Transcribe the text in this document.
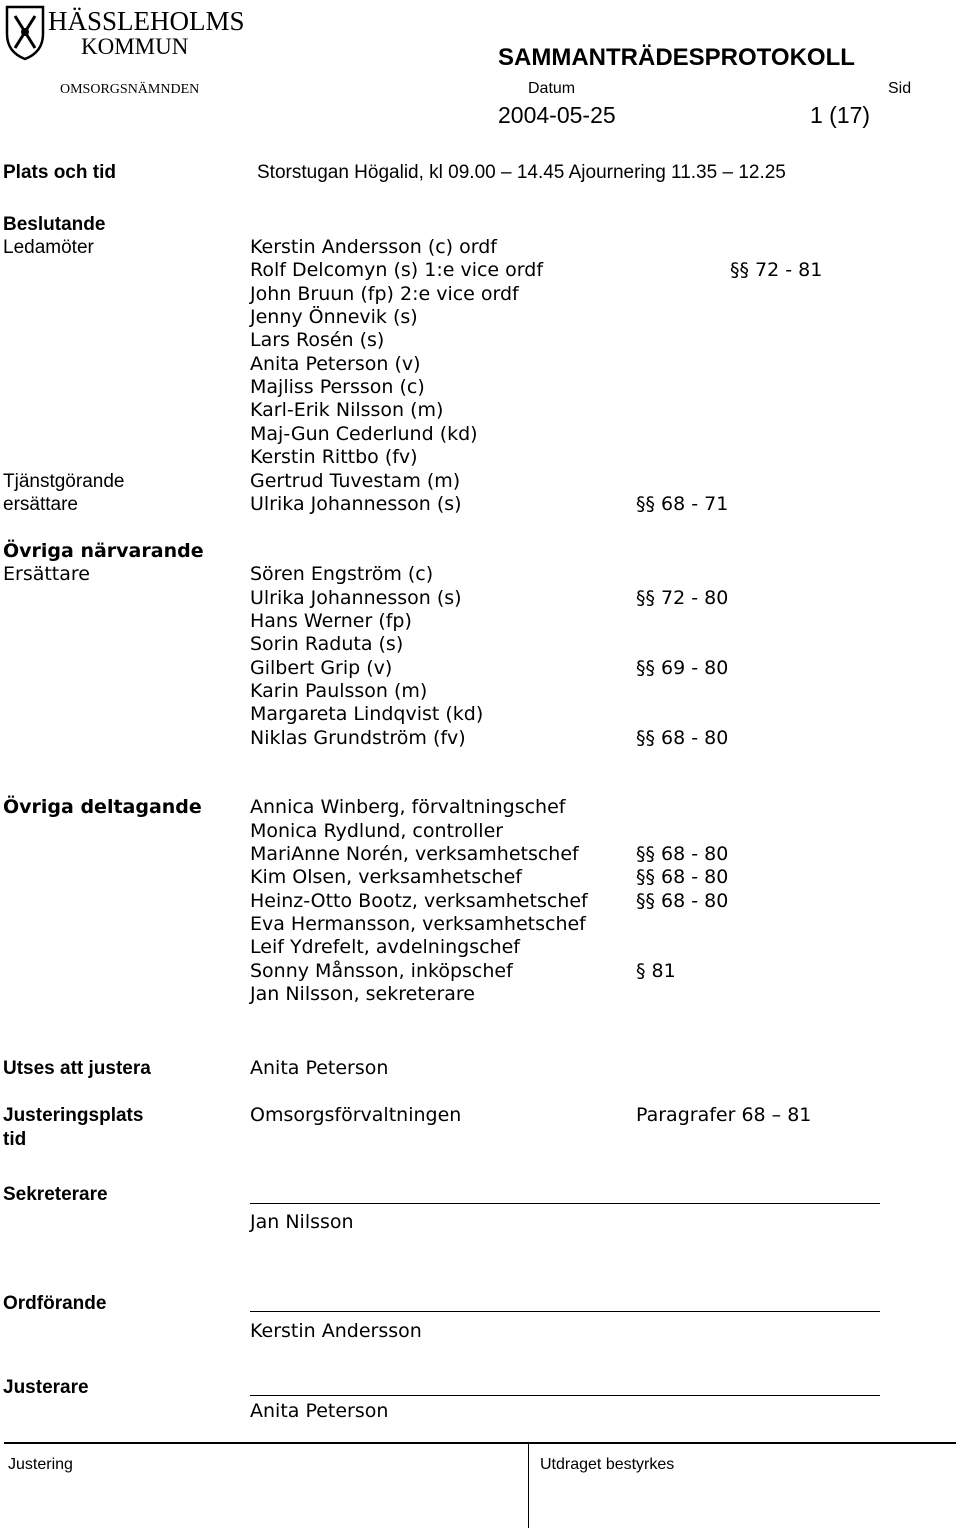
HÄSSLEHOLMS
KOMMUN
OMSORGSNÄMNDEN
SAMMANTRÄDESPROTOKOLL
Datum	Sid
2004-05-25	1 (17)
Plats och tid	Storstugan Högalid, kl 09.00 – 14.45 Ajournering 11.35 – 12.25
Beslutande
Ledamöter	Kerstin Andersson (c) ordf
Rolf Delcomyn (s) 1:e vice ordf	§§ 72 - 81
John Bruun (fp) 2:e vice ordf
Jenny Önnevik (s)
Lars Rosén (s)
Anita Peterson (v)
Majliss Persson (c)
Karl-Erik Nilsson (m)
Maj-Gun Cederlund (kd)
Kerstin Rittbo (fv)
Tjänstgörande	Gertrud Tuvestam (m)
ersättare	Ulrika Johannesson (s)	§§ 68 - 71
Övriga närvarande
Ersättare	Sören Engström (c)
Ulrika Johannesson (s)	§§ 72 - 80
Hans Werner (fp)
Sorin Raduta (s)
Gilbert Grip (v)	§§ 69 - 80
Karin Paulsson (m)
Margareta Lindqvist (kd)
Niklas Grundström (fv)	§§ 68 - 80
Övriga deltagande	Annica Winberg, förvaltningschef
Monica Rydlund, controller
MariAnne Norén, verksamhetschef	§§ 68 - 80
Kim Olsen, verksamhetschef	§§ 68 - 80
Heinz-Otto Bootz, verksamhetschef	§§ 68 - 80
Eva Hermansson, verksamhetschef
Leif Ydrefelt, avdelningschef
Sonny Månsson, inköpschef	§ 81
Jan Nilsson, sekreterare
Utses att justera	Anita Peterson
Justeringsplats
tid
Omsorgsförvaltningen	Paragrafer 68 – 81
Sekreterare
Jan Nilsson
Ordförande
Kerstin Andersson
Justerare
Anita Peterson
Justering	Utdraget bestyrkes
